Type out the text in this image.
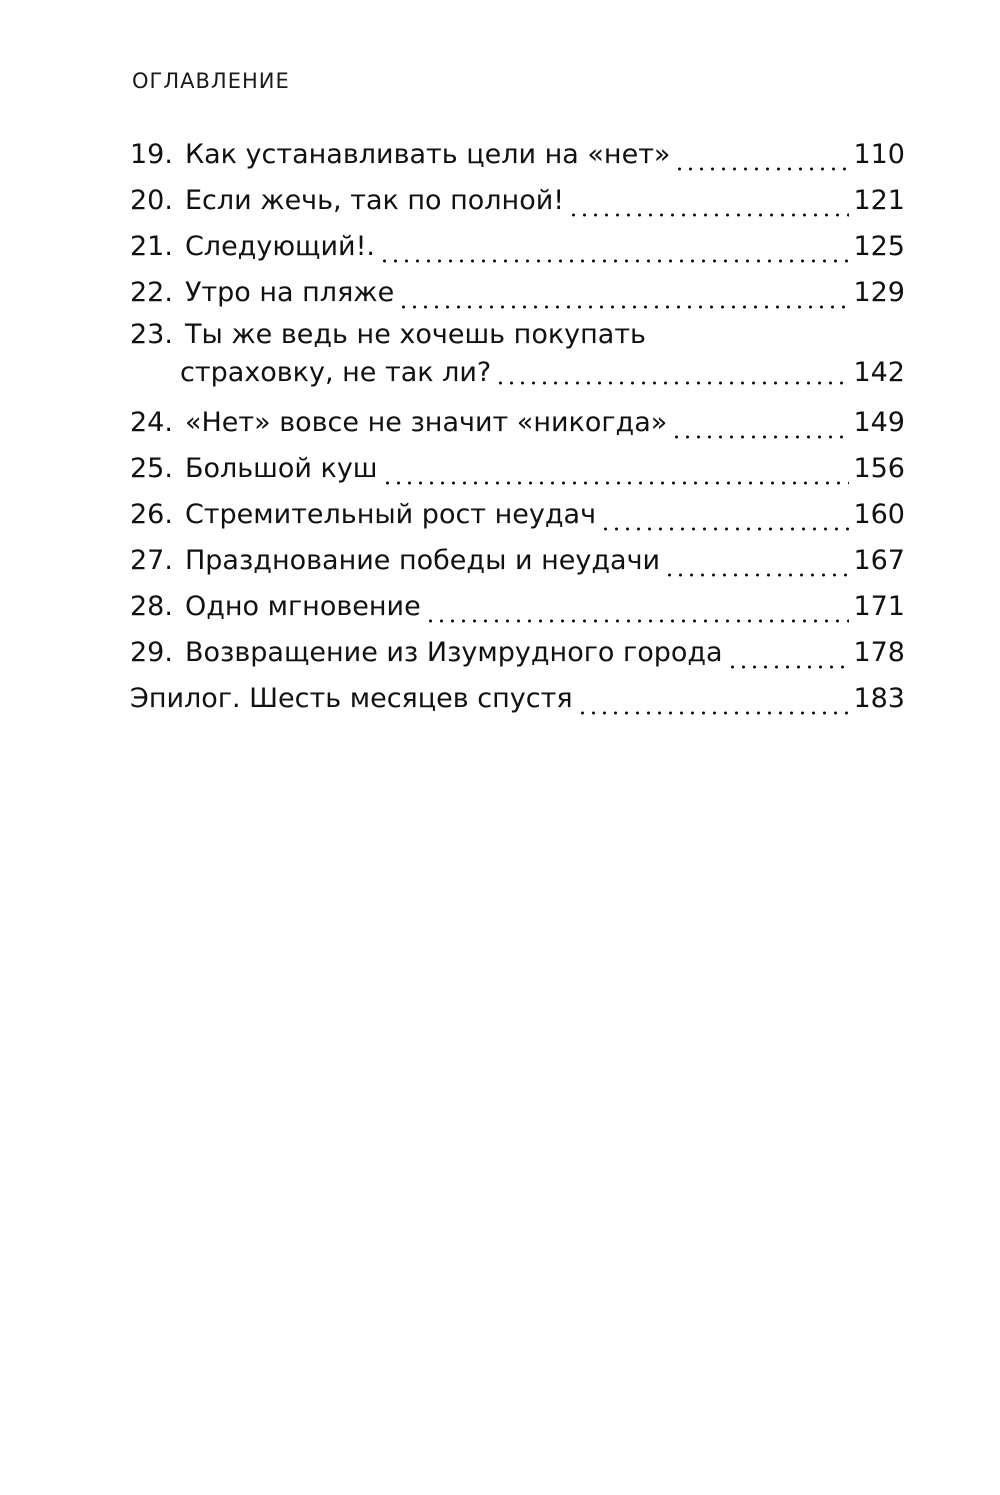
ОГЛАВЛЕНИЕ
19. Как устанавливать цели на «нет»	110
20. Если жечь, так по полной!	121
21. Следующий!.	125
22. Утро на пляже	129
23. Ты же ведь не хочешь покупать
страховку, не так ли?	142
24. «Нет» вовсе не значит «никогда»	149
25. Большой куш	156
26. Стремительный рост неудач	160
27. Празднование победы и неудачи	167
28. Одно мгновение	171
29. Возвращение из Изумрудного города	178
Эпилог. Шесть месяцев спустя	183
